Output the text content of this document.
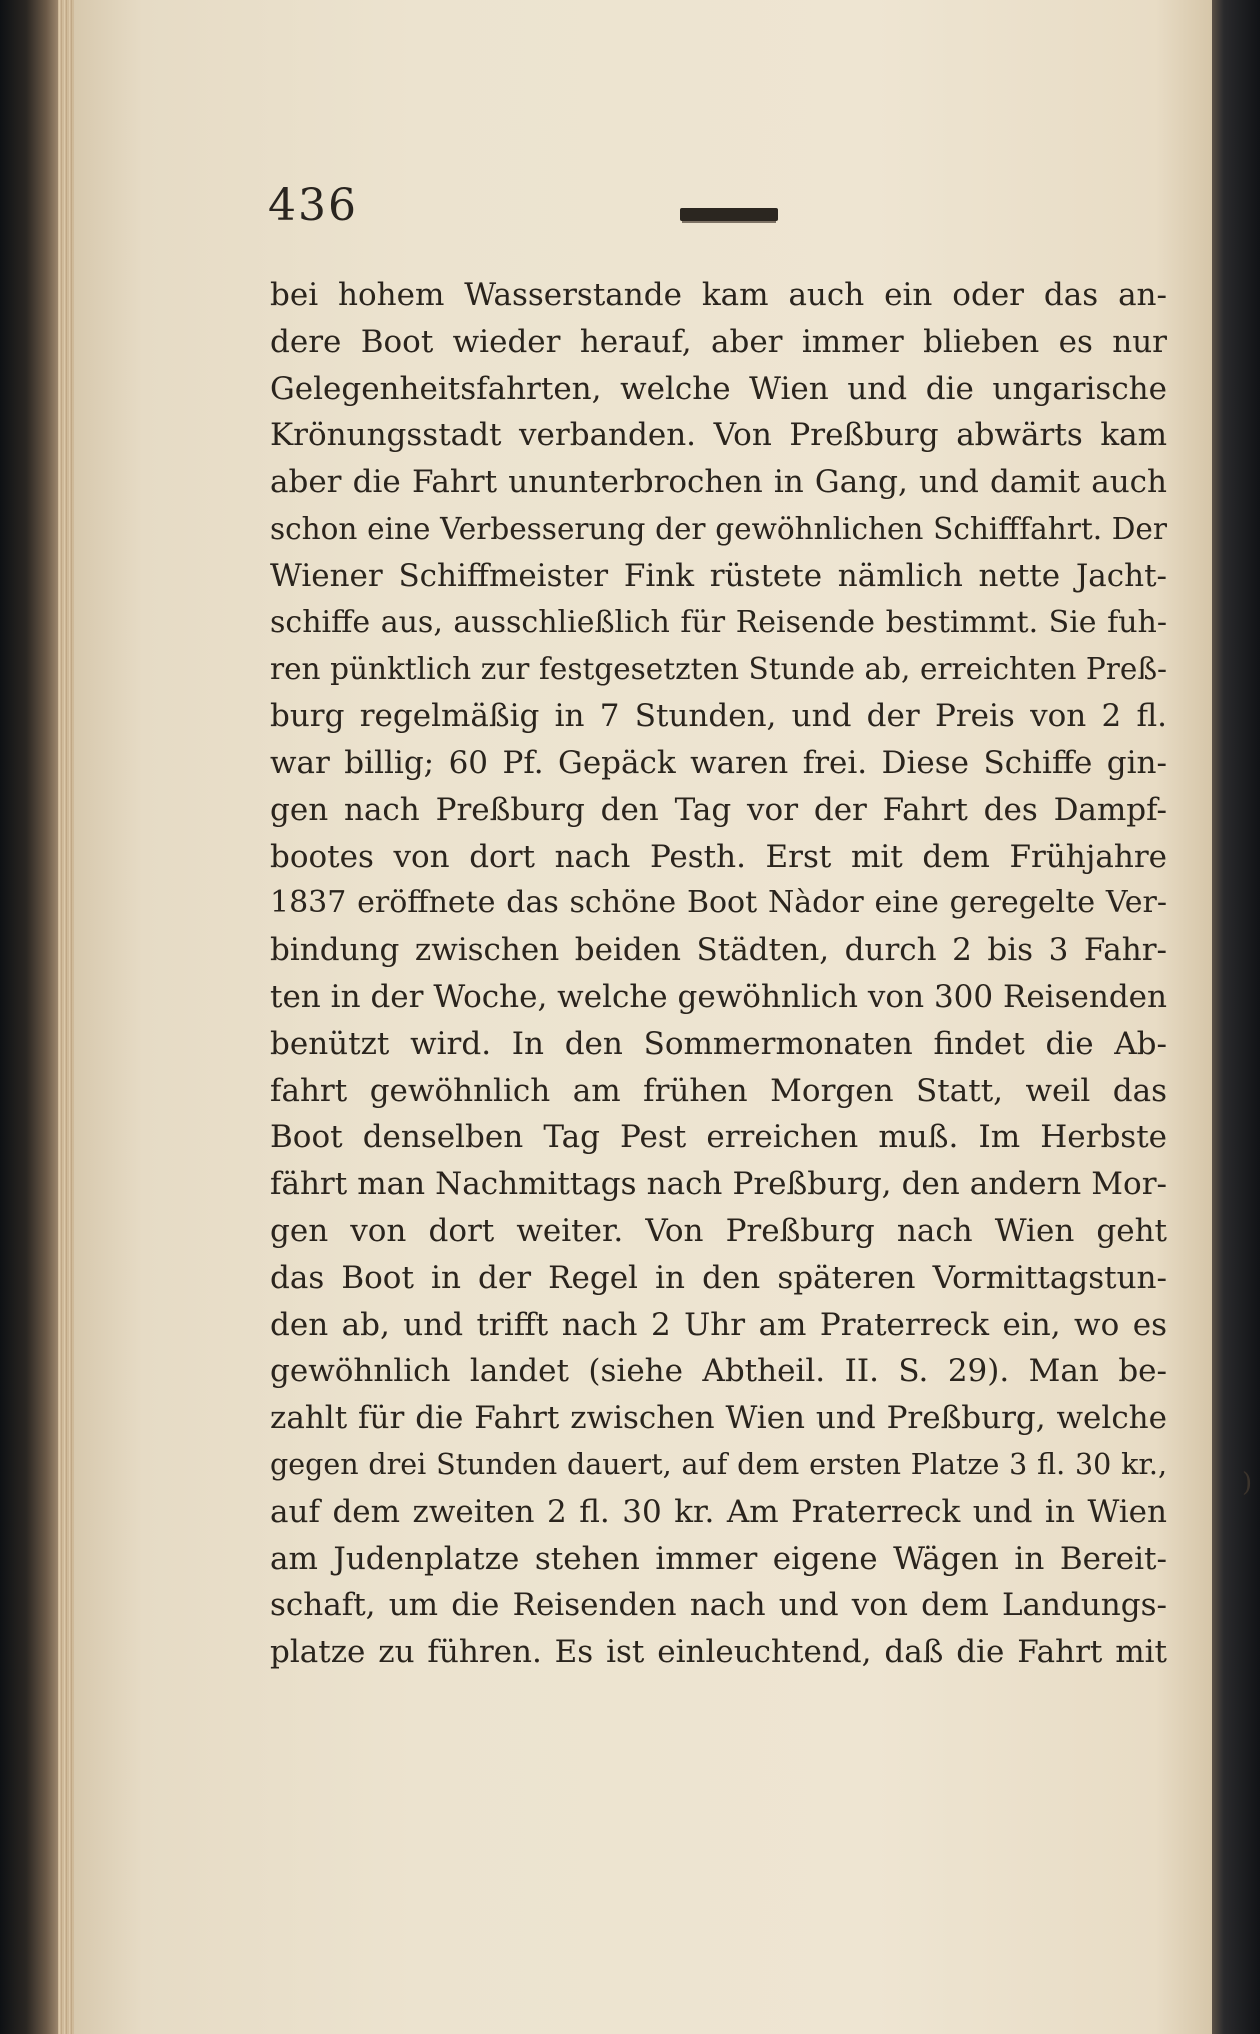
436
bei hohem Wasserstande kam auch ein oder das an-
dere Boot wieder herauf, aber immer blieben es nur
Gelegenheitsfahrten, welche Wien und die ungarische
Krönungsstadt verbanden. Von Preßburg abwärts kam
aber die Fahrt ununterbrochen in Gang, und damit auch
schon eine Verbesserung der gewöhnlichen Schifffahrt. Der
Wiener Schiffmeister Fink rüstete nämlich nette Jacht-
schiffe aus, ausschließlich für Reisende bestimmt. Sie fuh-
ren pünktlich zur festgesetzten Stunde ab, erreichten Preß-
burg regelmäßig in 7 Stunden, und der Preis von 2 fl.
war billig; 60 Pf. Gepäck waren frei. Diese Schiffe gin-
gen nach Preßburg den Tag vor der Fahrt des Dampf-
bootes von dort nach Pesth. Erst mit dem Frühjahre
1837 eröffnete das schöne Boot Nàdor eine geregelte Ver-
bindung zwischen beiden Städten, durch 2 bis 3 Fahr-
ten in der Woche, welche gewöhnlich von 300 Reisenden
benützt wird. In den Sommermonaten findet die Ab-
fahrt gewöhnlich am frühen Morgen Statt, weil das
Boot denselben Tag Pest erreichen muß. Im Herbste
fährt man Nachmittags nach Preßburg, den andern Mor-
gen von dort weiter. Von Preßburg nach Wien geht
das Boot in der Regel in den späteren Vormittagstun-
den ab, und trifft nach 2 Uhr am Praterreck ein, wo es
gewöhnlich landet (siehe Abtheil. II. S. 29). Man be-
zahlt für die Fahrt zwischen Wien und Preßburg, welche
gegen drei Stunden dauert, auf dem ersten Platze 3 fl. 30 kr.,
auf dem zweiten 2 fl. 30 kr. Am Praterreck und in Wien
am Judenplatze stehen immer eigene Wägen in Bereit-
schaft, um die Reisenden nach und von dem Landungs-
platze zu führen. Es ist einleuchtend, daß die Fahrt mit
)
